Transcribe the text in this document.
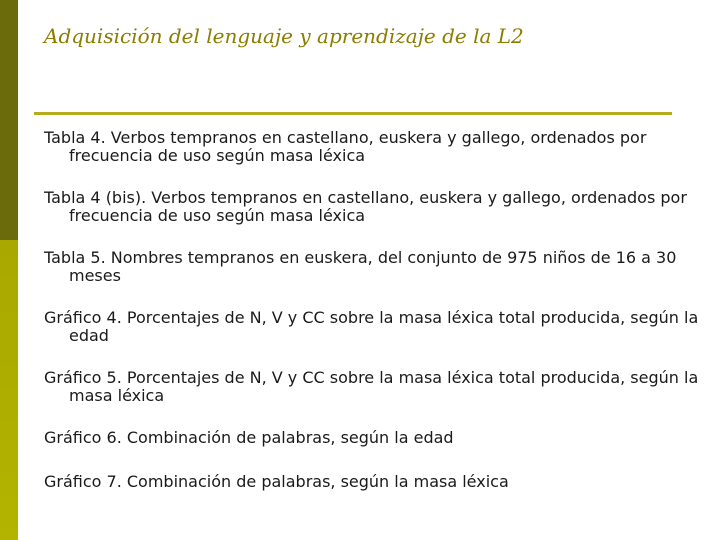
Adquisición del lenguaje y aprendizaje de la L2
Tabla 4. Verbos tempranos en castellano, euskera y gallego, ordenados por frecuencia de uso según masa léxica
Tabla 4 (bis). Verbos tempranos en castellano, euskera y gallego, ordenados por frecuencia de uso según masa léxica
Tabla 5. Nombres tempranos en euskera, del conjunto de 975 niños de 16 a 30 meses
Gráfico 4. Porcentajes de N, V y CC sobre la masa léxica total producida, según la edad
Gráfico 5. Porcentajes de N, V y CC sobre la masa léxica total producida, según la masa léxica
Gráfico 6. Combinación de palabras, según la edad
Gráfico 7. Combinación de palabras, según la masa léxica
